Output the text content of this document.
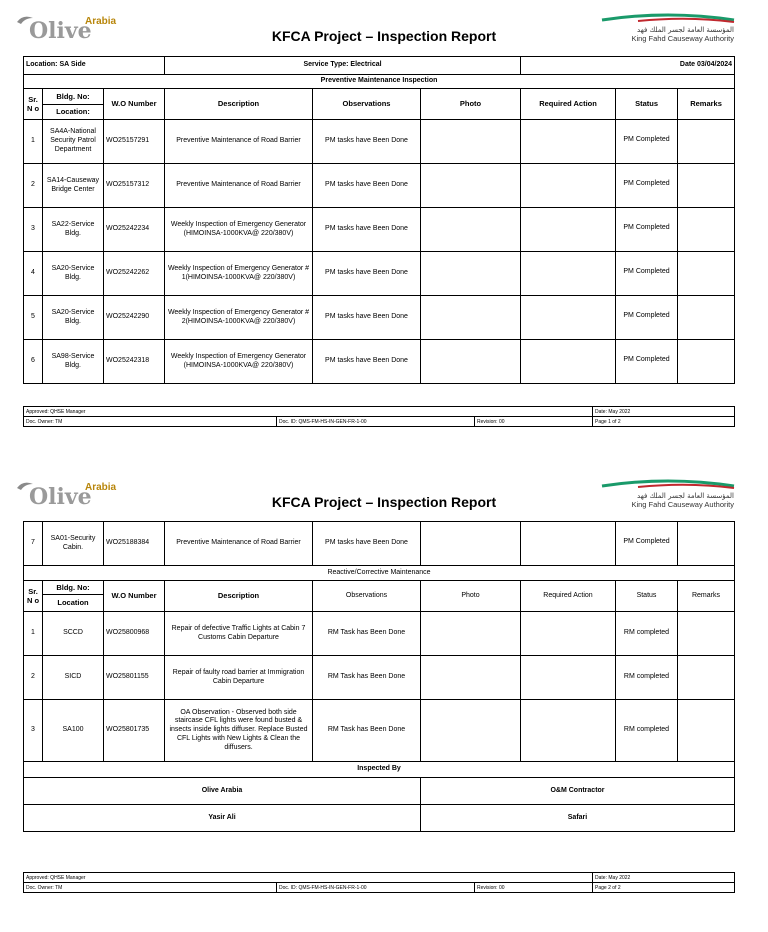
Olive
Arabia
المؤسسة العامة لجسر الملك فهد
King Fahd Causeway Authority
KFCA Project – Inspection Report
Location: SA Side			Service Type: Electrical			Date 03/04/2024		
Preventive Maintenance Inspection								
Sr. N o	Bldg. No:	W.O Number	Description	Observations	Photo	Required Action	Status	Remarks
	Location:							
1	SA4A-National Security Patrol Department	WO25157291	Preventive Maintenance of Road Barrier	PM tasks have Been Done			PM Completed	
2	SA14-Causeway Bridge Center	WO25157312	Preventive Maintenance of Road Barrier	PM tasks have Been Done			PM Completed	
3	SA22-Service Bldg.	WO25242234	Weekly Inspection of Emergency Generator (HIMOINSA-1000KVA@ 220/380V)	PM tasks have Been Done			PM Completed	
4	SA20-Service Bldg.	WO25242262	Weekly Inspection of Emergency Generator # 1(HIMOINSA-1000KVA@ 220/380V)	PM tasks have Been Done			PM Completed	
5	SA20-Service Bldg.	WO25242290	Weekly Inspection of Emergency Generator # 2(HIMOINSA-1000KVA@ 220/380V)	PM tasks have Been Done			PM Completed	
6	SA98-Service Bldg.	WO25242318	Weekly Inspection of Emergency Generator (HIMOINSA-1000KVA@ 220/380V)	PM tasks have Been Done			PM Completed	
Approved: QHSE Manager			Date: May 2022
Doc. Owner: TM	Doc. ID: QMS-FM-HS-IN-GEN-FR-1-00	Revision: 00	Page 1 of 2
Olive
Arabia
المؤسسة العامة لجسر الملك فهد
King Fahd Causeway Authority
KFCA Project – Inspection Report
7	SA01-Security Cabin.	WO25188384	Preventive Maintenance of Road Barrier	PM tasks have Been Done			PM Completed	
Reactive/Corrective Maintenance								
Sr. N o	Bldg. No:	W.O Number	Description	Observations	Photo	Required Action	Status	Remarks
	Location							
1	SCCD	WO25800968	Repair of defective Traffic Lights at Cabin 7 Customs Cabin Departure	RM Task has Been Done			RM completed	
2	SICD	WO25801155	Repair of faulty road barrier at Immigration Cabin Departure	RM Task has Been Done			RM completed	
3	SA100	WO25801735	OA Observation - Observed both side staircase CFL lights were found busted & insects inside lights diffuser. Replace Busted CFL Lights with New Lights & Clean the diffusers.	RM Task has Been Done			RM completed	
Inspected By								
Olive Arabia					O&M Contractor			
Yasir Ali					Safari			
Approved: QHSE Manager			Date: May 2022
Doc. Owner: TM	Doc. ID: QMS-FM-HS-IN-GEN-FR-1-00	Revision: 00	Page 2 of 2
